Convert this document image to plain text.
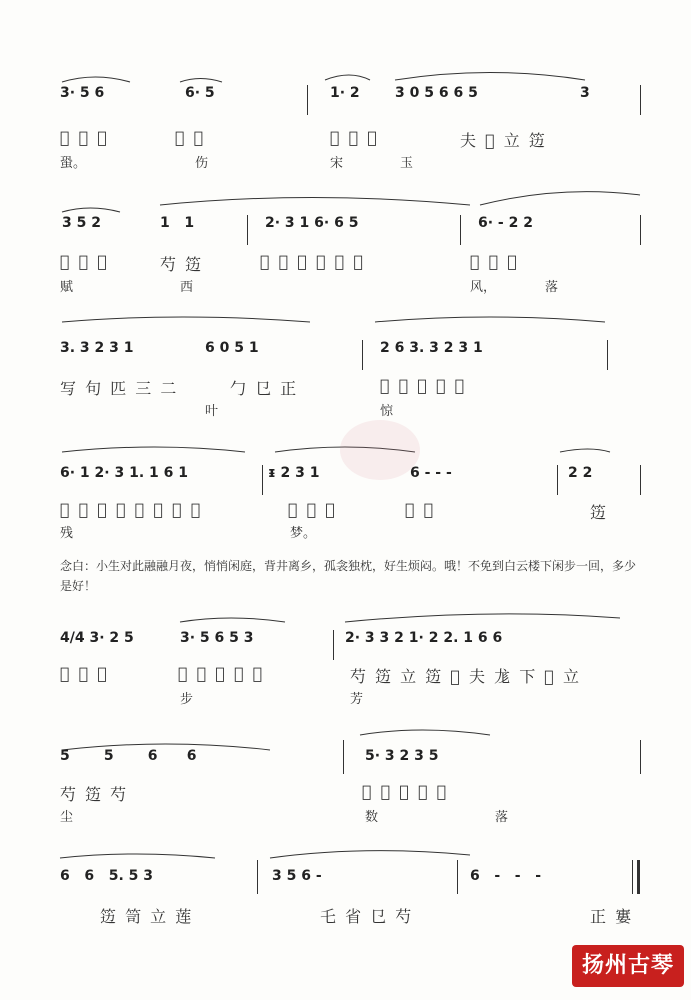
3· 5 6	6· 5	1· 2	3 0 5 6 6 5	3
𪰄 夫 芍	𪰄 圣	𪰄 夫 𪰄	夫 𪰄 立 笾
蛩。	伤	宋	玉
3 5 2	1   1	2· 3 1 6· 6 5	6· - 2 2
𪰄 夫 𪰄	芍 笾	𪰄 尭 芍 𪰄 立 芍	𪰄 句 旱
赋	西	风，	落
3. 3 2 3 1	6 0 5 1	2 6 3. 3 2 3 1
写 句 匹 三 二	勹 㔾 正	𪰄 草 笾 𪰄 尭
叶	惊
6· 1 2· 3 1. 1 6 1	ᵻ 2 3 1	6 - - -	2 2
𪰄 笪 𪰄 尭 芍 莲 良 白	𪰄 尭 芍	𪰄 省	笾
残	梦。
念白：小生对此融融月夜，悄悄闲庭，背井离乡，孤衾独枕，好生烦闷。哦！不免到白云楼下闲步一回，多少是好！
4/4 3· 2 5	3· 5 6 5 3	2· 3 3 2 1· 2 2. 1 6 6
𪰄 笾 莲	𪰄 夫 乜 莫 𪰄	芍 笾 立 笾 𪰄 夫 尨 下 𪰄 立
步	芳
5       5       6      6	5· 3 2 3 5
芍 笾 芍	𪰄 笥 艮 𪰄 夫
尘	数	落
6   6   5. 5 3	3 5 6 -	6   -   -   -
笾 笥 立 莲	乇 省 㔾 芍	正 寠
扬州古琴
